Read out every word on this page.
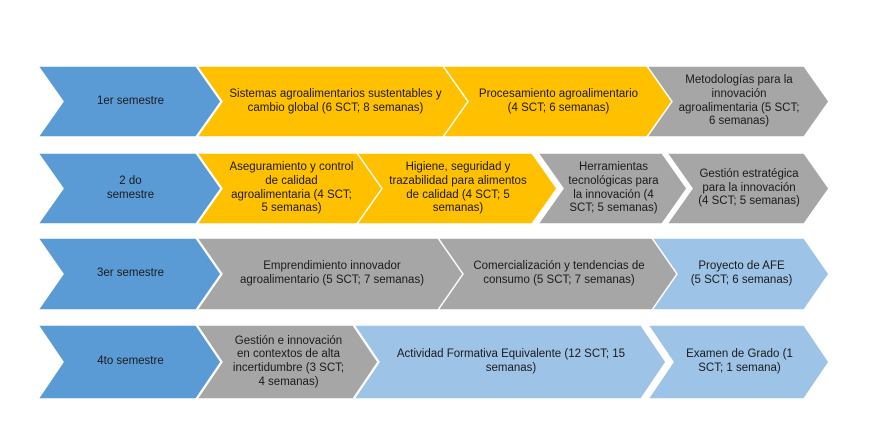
1er semestre
Sistemas agroalimentarios sustentables y
cambio global (6 SCT; 8 semanas)
Procesamiento agroalimentario
(4 SCT; 6 semanas)
Metodologías para la
innovación
agroalimentaria (5 SCT;
6 semanas)
2 do
semestre
Aseguramiento y control
de calidad
agroalimentaria (4 SCT;
5 semanas)
Higiene, seguridad y
trazabilidad para alimentos
de calidad (4 SCT; 5
semanas)
Herramientas
tecnológicas para
la innovación (4
SCT; 5 semanas)
Gestión estratégica
para la innovación
(4 SCT; 5 semanas)
3er semestre
Emprendimiento innovador
agroalimentario (5 SCT; 7 semanas)
Comercialización y tendencias de
consumo (5 SCT; 7 semanas)
Proyecto de AFE
(5 SCT; 6 semanas)
4to semestre
Gestión e innovación
en contextos de alta
incertidumbre (3 SCT;
4 semanas)
Actividad Formativa Equivalente (12 SCT; 15
semanas)
Examen de Grado (1
SCT; 1 semana)
